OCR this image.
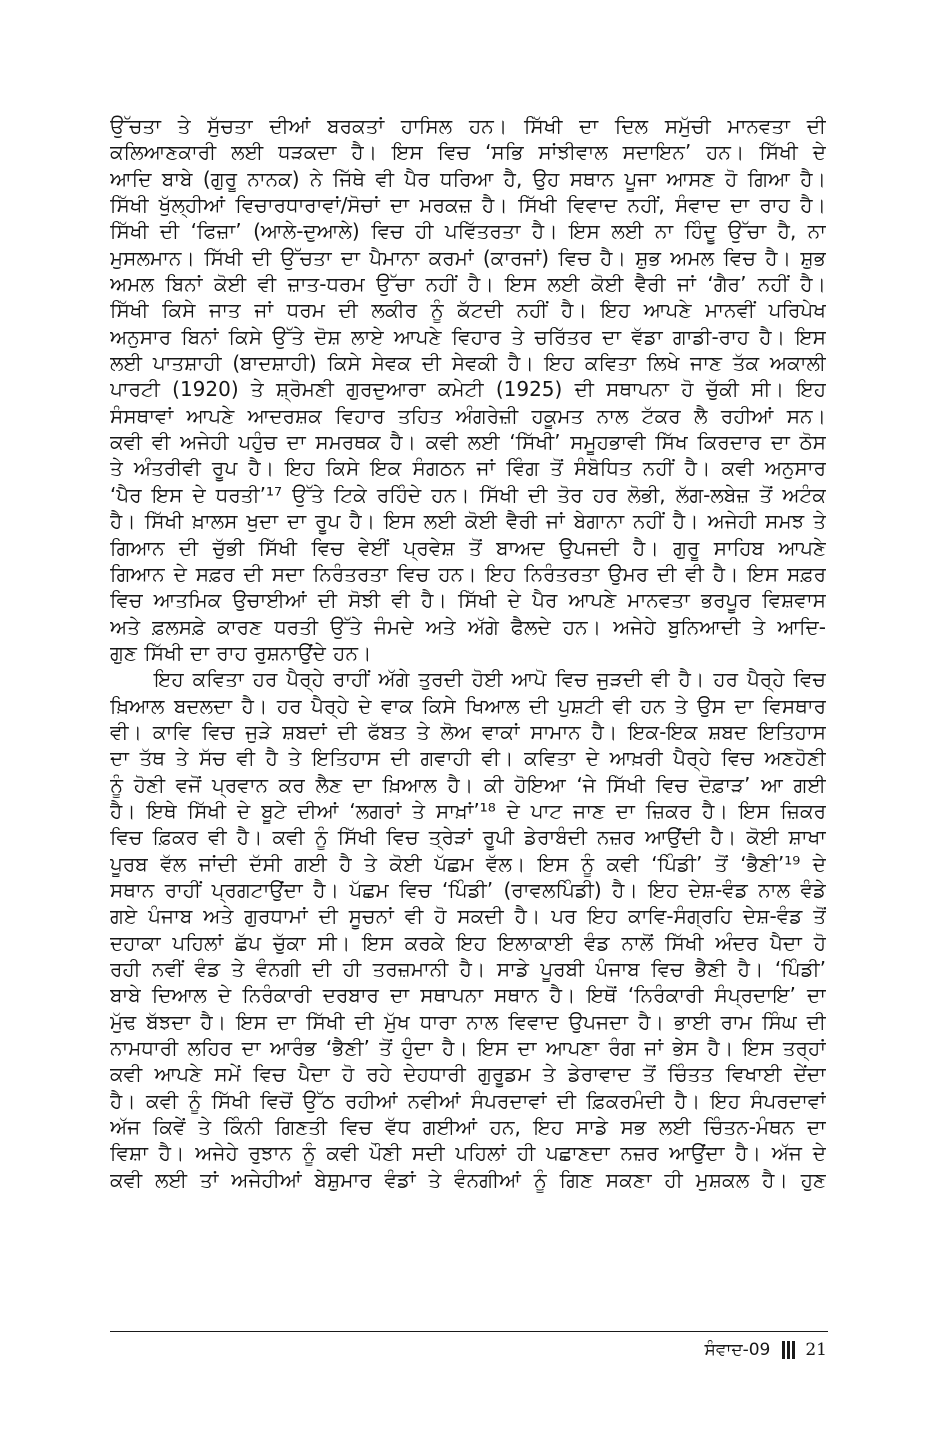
ਉੱਚਤਾ ਤੇ ਸੁੱਚਤਾ ਦੀਆਂ ਬਰਕਤਾਂ ਹਾਸਿਲ ਹਨ। ਸਿੱਖੀ ਦਾ ਦਿਲ ਸਮੁੱਚੀ ਮਾਨਵਤਾ ਦੀ
ਕਲਿਆਣਕਾਰੀ ਲਈ ਧੜਕਦਾ ਹੈ। ਇਸ ਵਿਚ ‘ਸਭਿ ਸਾਂਝੀਵਾਲ ਸਦਾਇਨ’ ਹਨ। ਸਿੱਖੀ ਦੇ
ਆਦਿ ਬਾਬੇ (ਗੁਰੂ ਨਾਨਕ) ਨੇ ਜਿੱਥੇ ਵੀ ਪੈਰ ਧਰਿਆ ਹੈ, ਉਹ ਸਥਾਨ ਪੂਜਾ ਆਸਣ ਹੋ ਗਿਆ ਹੈ।
ਸਿੱਖੀ ਖੁੱਲ੍ਹੀਆਂ ਵਿਚਾਰਧਾਰਾਵਾਂ/ਸੋਚਾਂ ਦਾ ਮਰਕਜ਼ ਹੈ। ਸਿੱਖੀ ਵਿਵਾਦ ਨਹੀਂ, ਸੰਵਾਦ ਦਾ ਰਾਹ ਹੈ।
ਸਿੱਖੀ ਦੀ ‘ਫਿਜ਼ਾ’ (ਆਲੇ-ਦੁਆਲੇ) ਵਿਚ ਹੀ ਪਵਿੱਤਰਤਾ ਹੈ। ਇਸ ਲਈ ਨਾ ਹਿੰਦੂ ਉੱਚਾ ਹੈ, ਨਾ
ਮੁਸਲਮਾਨ। ਸਿੱਖੀ ਦੀ ਉੱਚਤਾ ਦਾ ਪੈਮਾਨਾ ਕਰਮਾਂ (ਕਾਰਜਾਂ) ਵਿਚ ਹੈ। ਸ਼ੁਭ ਅਮਲ ਵਿਚ ਹੈ। ਸ਼ੁਭ
ਅਮਲ ਬਿਨਾਂ ਕੋਈ ਵੀ ਜ਼ਾਤ-ਧਰਮ ਉੱਚਾ ਨਹੀਂ ਹੈ। ਇਸ ਲਈ ਕੋਈ ਵੈਰੀ ਜਾਂ ‘ਗੈਰ’ ਨਹੀਂ ਹੈ।
ਸਿੱਖੀ ਕਿਸੇ ਜਾਤ ਜਾਂ ਧਰਮ ਦੀ ਲਕੀਰ ਨੂੰ ਕੱਟਦੀ ਨਹੀਂ ਹੈ। ਇਹ ਆਪਣੇ ਮਾਨਵੀਂ ਪਰਿਪੇਖ
ਅਨੁਸਾਰ ਬਿਨਾਂ ਕਿਸੇ ਉੱਤੇ ਦੋਸ਼ ਲਾਏ ਆਪਣੇ ਵਿਹਾਰ ਤੇ ਚਰਿੱਤਰ ਦਾ ਵੱਡਾ ਗਾਡੀ-ਰਾਹ ਹੈ। ਇਸ
ਲਈ ਪਾਤਸ਼ਾਹੀ (ਬਾਦਸ਼ਾਹੀ) ਕਿਸੇ ਸੇਵਕ ਦੀ ਸੇਵਕੀ ਹੈ। ਇਹ ਕਵਿਤਾ ਲਿਖੇ ਜਾਣ ਤੱਕ ਅਕਾਲੀ
ਪਾਰਟੀ (1920) ਤੇ ਸ਼੍ਰੋਮਣੀ ਗੁਰਦੁਆਰਾ ਕਮੇਟੀ (1925) ਦੀ ਸਥਾਪਨਾ ਹੋ ਚੁੱਕੀ ਸੀ। ਇਹ
ਸੰਸਥਾਵਾਂ ਆਪਣੇ ਆਦਰਸ਼ਕ ਵਿਹਾਰ ਤਹਿਤ ਅੰਗਰੇਜ਼ੀ ਹਕੂਮਤ ਨਾਲ ਟੱਕਰ ਲੈ ਰਹੀਆਂ ਸਨ।
ਕਵੀ ਵੀ ਅਜੇਹੀ ਪਹੁੰਚ ਦਾ ਸਮਰਥਕ ਹੈ। ਕਵੀ ਲਈ ‘ਸਿੱਖੀ’ ਸਮੂਹਭਾਵੀ ਸਿੱਖ ਕਿਰਦਾਰ ਦਾ ਠੋਸ
ਤੇ ਅੰਤਰੀਵੀ ਰੂਪ ਹੈ। ਇਹ ਕਿਸੇ ਇਕ ਸੰਗਠਨ ਜਾਂ ਵਿੰਗ ਤੋਂ ਸੰਬੋਧਿਤ ਨਹੀਂ ਹੈ। ਕਵੀ ਅਨੁਸਾਰ
‘ਪੈਰ ਇਸ ਦੇ ਧਰਤੀ’¹⁷ ਉੱਤੇ ਟਿਕੇ ਰਹਿੰਦੇ ਹਨ। ਸਿੱਖੀ ਦੀ ਤੋਰ ਹਰ ਲੋਭੀ, ਲੱਗ-ਲਬੇਜ਼ ਤੋਂ ਅਟੰਕ
ਹੈ। ਸਿੱਖੀ ਖ਼ਾਲਸ ਖੁਦਾ ਦਾ ਰੂਪ ਹੈ। ਇਸ ਲਈ ਕੋਈ ਵੈਰੀ ਜਾਂ ਬੇਗਾਨਾ ਨਹੀਂ ਹੈ। ਅਜੇਹੀ ਸਮਝ ਤੇ
ਗਿਆਨ ਦੀ ਚੁੱਭੀ ਸਿੱਖੀ ਵਿਚ ਵੇਈਂ ਪ੍ਰਵੇਸ਼ ਤੋਂ ਬਾਅਦ ਉਪਜਦੀ ਹੈ। ਗੁਰੂ ਸਾਹਿਬ ਆਪਣੇ
ਗਿਆਨ ਦੇ ਸਫ਼ਰ ਦੀ ਸਦਾ ਨਿਰੰਤਰਤਾ ਵਿਚ ਹਨ। ਇਹ ਨਿਰੰਤਰਤਾ ਉਮਰ ਦੀ ਵੀ ਹੈ। ਇਸ ਸਫ਼ਰ
ਵਿਚ ਆਤਮਿਕ ਉਚਾਈਆਂ ਦੀ ਸੋਝੀ ਵੀ ਹੈ। ਸਿੱਖੀ ਦੇ ਪੈਰ ਆਪਣੇ ਮਾਨਵਤਾ ਭਰਪੂਰ ਵਿਸ਼ਵਾਸ
ਅਤੇ ਫ਼ਲਸਫ਼ੇ ਕਾਰਣ ਧਰਤੀ ਉੱਤੇ ਜੰਮਦੇ ਅਤੇ ਅੱਗੇ ਫੈਲਦੇ ਹਨ। ਅਜੇਹੇ ਬੁਨਿਆਦੀ ਤੇ ਆਦਿ-
ਗੁਣ ਸਿੱਖੀ ਦਾ ਰਾਹ ਰੁਸ਼ਨਾਉਂਦੇ ਹਨ।
ਇਹ ਕਵਿਤਾ ਹਰ ਪੈਰ੍ਹੇ ਰਾਹੀਂ ਅੱਗੇ ਤੁਰਦੀ ਹੋਈ ਆਪੋ ਵਿਚ ਜੁੜਦੀ ਵੀ ਹੈ। ਹਰ ਪੈਰ੍ਹੇ ਵਿਚ
ਖ਼ਿਆਲ ਬਦਲਦਾ ਹੈ। ਹਰ ਪੈਰ੍ਹੇ ਦੇ ਵਾਕ ਕਿਸੇ ਖਿਆਲ ਦੀ ਪੁਸ਼ਟੀ ਵੀ ਹਨ ਤੇ ਉਸ ਦਾ ਵਿਸਥਾਰ
ਵੀ। ਕਾਵਿ ਵਿਚ ਜੁੜੇ ਸ਼ਬਦਾਂ ਦੀ ਫੱਬਤ ਤੇ ਲੋਅ ਵਾਕਾਂ ਸਾਮਾਨ ਹੈ। ਇਕ-ਇਕ ਸ਼ਬਦ ਇਤਿਹਾਸ
ਦਾ ਤੱਥ ਤੇ ਸੱਚ ਵੀ ਹੈ ਤੇ ਇਤਿਹਾਸ ਦੀ ਗਵਾਹੀ ਵੀ। ਕਵਿਤਾ ਦੇ ਆਖ਼ਰੀ ਪੈਰ੍ਹੇ ਵਿਚ ਅਣਹੋਣੀ
ਨੂੰ ਹੋਣੀ ਵਜੋਂ ਪ੍ਰਵਾਨ ਕਰ ਲੈਣ ਦਾ ਖ਼ਿਆਲ ਹੈ। ਕੀ ਹੋਇਆ ‘ਜੇ ਸਿੱਖੀ ਵਿਚ ਦੋਫ਼ਾੜ’ ਆ ਗਈ
ਹੈ। ਇਥੇ ਸਿੱਖੀ ਦੇ ਬੂਟੇ ਦੀਆਂ ‘ਲਗਰਾਂ ਤੇ ਸਾਖ਼ਾਂ’¹⁸ ਦੇ ਪਾਟ ਜਾਣ ਦਾ ਜ਼ਿਕਰ ਹੈ। ਇਸ ਜ਼ਿਕਰ
ਵਿਚ ਫ਼ਿਕਰ ਵੀ ਹੈ। ਕਵੀ ਨੂੰ ਸਿੱਖੀ ਵਿਚ ਤ੍ਰੇੜਾਂ ਰੂਪੀ ਡੇਰਾਬੰਦੀ ਨਜ਼ਰ ਆਉਂਦੀ ਹੈ। ਕੋਈ ਸ਼ਾਖਾ
ਪੂਰਬ ਵੱਲ ਜਾਂਦੀ ਦੱਸੀ ਗਈ ਹੈ ਤੇ ਕੋਈ ਪੱਛਮ ਵੱਲ। ਇਸ ਨੂੰ ਕਵੀ ‘ਪਿੰਡੀ’ ਤੋਂ ‘ਭੈਣੀ’¹⁹ ਦੇ
ਸਥਾਨ ਰਾਹੀਂ ਪ੍ਰਗਟਾਉਂਦਾ ਹੈ। ਪੱਛਮ ਵਿਚ ‘ਪਿੰਡੀ’ (ਰਾਵਲਪਿੰਡੀ) ਹੈ। ਇਹ ਦੇਸ਼-ਵੰਡ ਨਾਲ ਵੰਡੇ
ਗਏ ਪੰਜਾਬ ਅਤੇ ਗੁਰਧਾਮਾਂ ਦੀ ਸੂਚਨਾਂ ਵੀ ਹੋ ਸਕਦੀ ਹੈ। ਪਰ ਇਹ ਕਾਵਿ-ਸੰਗ੍ਰਹਿ ਦੇਸ਼-ਵੰਡ ਤੋਂ
ਦਹਾਕਾ ਪਹਿਲਾਂ ਛੱਪ ਚੁੱਕਾ ਸੀ। ਇਸ ਕਰਕੇ ਇਹ ਇਲਾਕਾਈ ਵੰਡ ਨਾਲੋਂ ਸਿੱਖੀ ਅੰਦਰ ਪੈਦਾ ਹੋ
ਰਹੀ ਨਵੀਂ ਵੰਡ ਤੇ ਵੰਨਗੀ ਦੀ ਹੀ ਤਰਜ਼ਮਾਨੀ ਹੈ। ਸਾਡੇ ਪੂਰਬੀ ਪੰਜਾਬ ਵਿਚ ਭੈਣੀ ਹੈ। ‘ਪਿੰਡੀ’
ਬਾਬੇ ਦਿਆਲ ਦੇ ਨਿਰੰਕਾਰੀ ਦਰਬਾਰ ਦਾ ਸਥਾਪਨਾ ਸਥਾਨ ਹੈ। ਇਥੋਂ ‘ਨਿਰੰਕਾਰੀ ਸੰਪ੍ਰਦਾਇ’ ਦਾ
ਮੁੱਢ ਬੱਝਦਾ ਹੈ। ਇਸ ਦਾ ਸਿੱਖੀ ਦੀ ਮੁੱਖ ਧਾਰਾ ਨਾਲ ਵਿਵਾਦ ਉਪਜਦਾ ਹੈ। ਭਾਈ ਰਾਮ ਸਿੰਘ ਦੀ
ਨਾਮਧਾਰੀ ਲਹਿਰ ਦਾ ਆਰੰਭ ‘ਭੈਣੀ’ ਤੋਂ ਹੁੰਦਾ ਹੈ। ਇਸ ਦਾ ਆਪਣਾ ਰੰਗ ਜਾਂ ਭੇਸ ਹੈ। ਇਸ ਤਰ੍ਹਾਂ
ਕਵੀ ਆਪਣੇ ਸਮੇਂ ਵਿਚ ਪੈਦਾ ਹੋ ਰਹੇ ਦੇਹਧਾਰੀ ਗੁਰੂਡਮ ਤੇ ਡੇਰਾਵਾਦ ਤੋਂ ਚਿੰਤਤ ਵਿਖਾਈ ਦੇਂਦਾ
ਹੈ। ਕਵੀ ਨੂੰ ਸਿੱਖੀ ਵਿਚੋਂ ਉੱਠ ਰਹੀਆਂ ਨਵੀਆਂ ਸੰਪਰਦਾਵਾਂ ਦੀ ਫ਼ਿਕਰਮੰਦੀ ਹੈ। ਇਹ ਸੰਪਰਦਾਵਾਂ
ਅੱਜ ਕਿਵੇਂ ਤੇ ਕਿੰਨੀ ਗਿਣਤੀ ਵਿਚ ਵੱਧ ਗਈਆਂ ਹਨ, ਇਹ ਸਾਡੇ ਸਭ ਲਈ ਚਿੰਤਨ-ਮੰਥਨ ਦਾ
ਵਿਸ਼ਾ ਹੈ। ਅਜੇਹੇ ਰੁਝਾਨ ਨੂੰ ਕਵੀ ਪੌਣੀ ਸਦੀ ਪਹਿਲਾਂ ਹੀ ਪਛਾਣਦਾ ਨਜ਼ਰ ਆਉਂਦਾ ਹੈ। ਅੱਜ ਦੇ
ਕਵੀ ਲਈ ਤਾਂ ਅਜੇਹੀਆਂ ਬੇਸ਼ੁਮਾਰ ਵੰਡਾਂ ਤੇ ਵੰਨਗੀਆਂ ਨੂੰ ਗਿਣ ਸਕਣਾ ਹੀ ਮੁਸ਼ਕਲ ਹੈ। ਹੁਣ
ਸੰਵਾਦ-09 21
